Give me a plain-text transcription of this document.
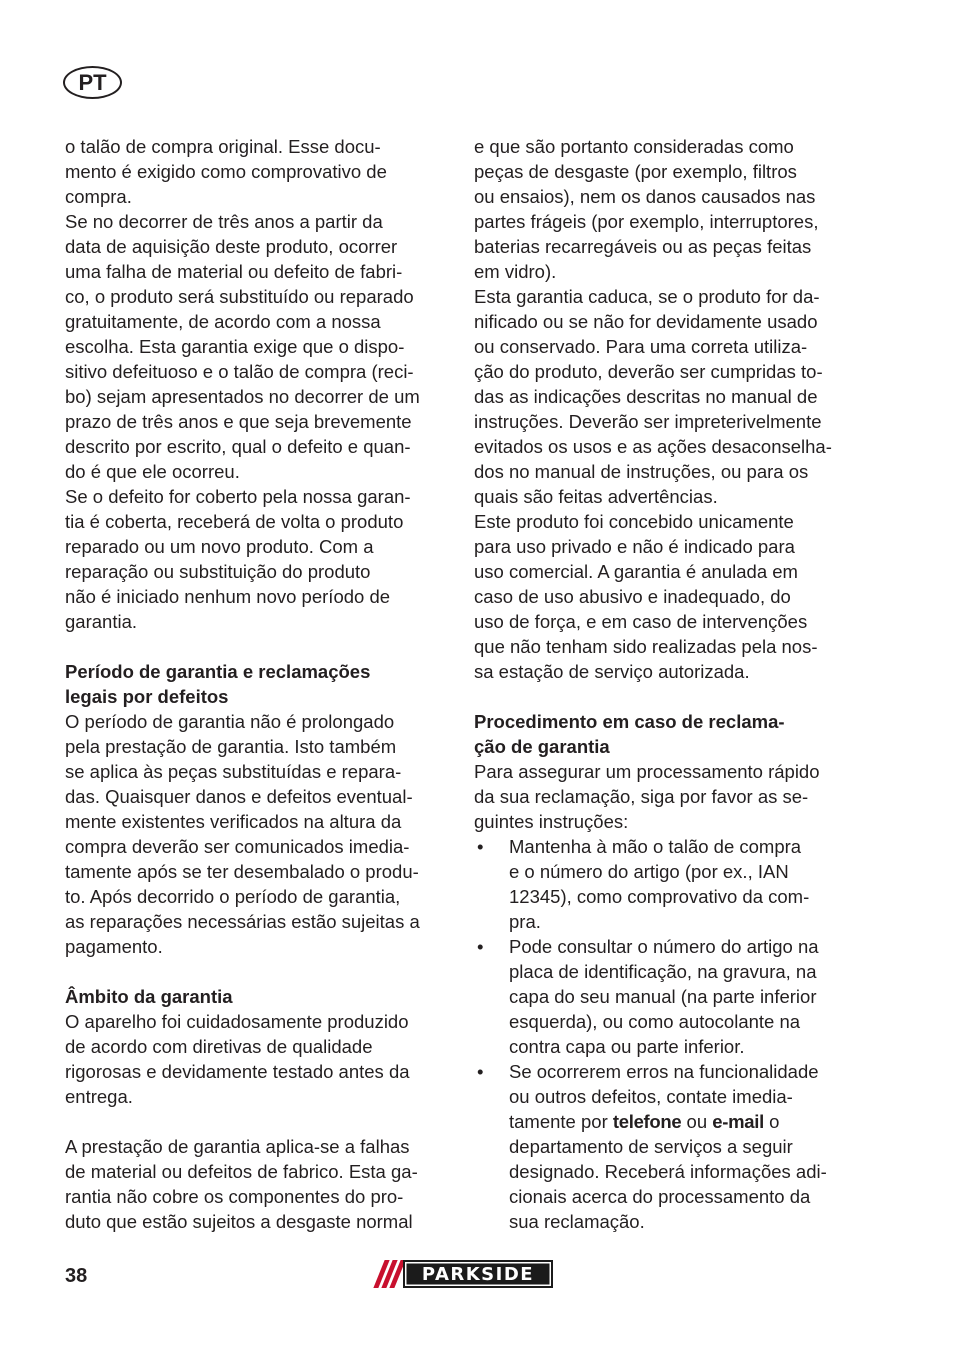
PT
o talão de compra original. Esse docu-
mento é exigido como comprovativo de
compra.
Se no decorrer de três anos a partir da
data de aquisição deste produto, ocorrer
uma falha de material ou defeito de fabri-
co, o produto será substituído ou reparado
gratuitamente, de acordo com a nossa
escolha. Esta garantia exige que o dispo-
sitivo defeituoso e o talão de compra (reci-
bo) sejam apresentados no decorrer de um
prazo de três anos e que seja brevemente
descrito por escrito, qual o defeito e quan-
do é que ele ocorreu.
Se o defeito for coberto pela nossa garan-
tia é coberta, receberá de volta o produto
reparado ou um novo produto. Com a
reparação ou substituição do produto
não é iniciado nenhum novo período de
garantia.
Período de garantia e reclamações
legais por defeitos
O período de garantia não é prolongado
pela prestação de garantia. Isto também
se aplica às peças substituídas e repara-
das. Quaisquer danos e defeitos eventual-
mente existentes verificados na altura da
compra deverão ser comunicados imedia-
tamente após se ter desembalado o produ-
to. Após decorrido o período de garantia,
as reparações necessárias estão sujeitas a
pagamento.
Âmbito da garantia
O aparelho foi cuidadosamente produzido
de acordo com diretivas de qualidade
rigorosas e devidamente testado antes da
entrega.
A prestação de garantia aplica-se a falhas
de material ou defeitos de fabrico. Esta ga-
rantia não cobre os componentes do pro-
duto que estão sujeitos a desgaste normal
e que são portanto consideradas como
peças de desgaste (por exemplo, filtros
ou ensaios), nem os danos causados nas
partes frágeis (por exemplo, interruptores,
baterias recarregáveis ou as peças feitas
em vidro).
Esta garantia caduca, se o produto for da-
nificado ou se não for devidamente usado
ou conservado. Para uma correta utiliza-
ção do produto, deverão ser cumpridas to-
das as indicações descritas no manual de
instruções. Deverão ser impreterivelmente
evitados os usos e as ações desaconselha-
dos no manual de instruções, ou para os
quais são feitas advertências.
Este produto foi concebido unicamente
para uso privado e não é indicado para
uso comercial. A garantia é anulada em
caso de uso abusivo e inadequado, do
uso de força, e em caso de intervenções
que não tenham sido realizadas pela nos-
sa estação de serviço autorizada.
Procedimento em caso de reclama-
ção de garantia
Para assegurar um processamento rápido
da sua reclamação, siga por favor as se-
guintes instruções:
• Mantenha à mão o talão de compra
e o número do artigo (por ex., IAN
12345), como comprovativo da com-
pra.
• Pode consultar o número do artigo na
placa de identificação, na gravura, na
capa do seu manual (na parte inferior
esquerda), ou como autocolante na
contra capa ou parte inferior.
• Se ocorrerem erros na funcionalidade
ou outros defeitos, contate imedia-
tamente por telefone ou e-mail o
departamento de serviços a seguir
designado. Receberá informações adi-
cionais acerca do processamento da
sua reclamação.
38	PARKSIDE
